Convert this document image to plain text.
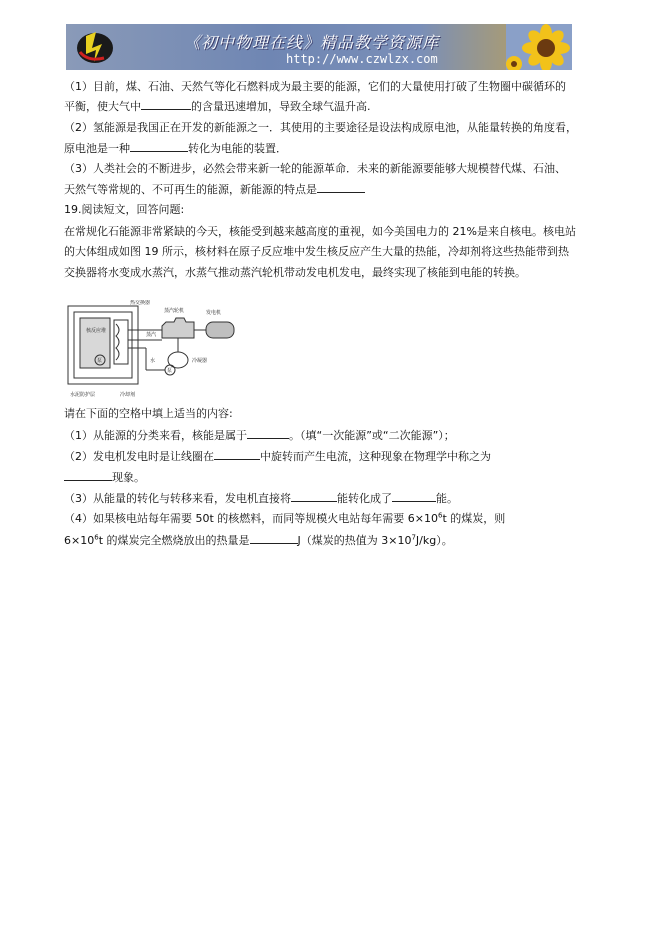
《初中物理在线》精品教学资源库
http://www.czwlzx.com
（1）目前，煤、石油、天然气等化石燃料成为最主要的能源，它们的大量使用打破了生物圈中碳循环的
平衡，使大气中	的含量迅速增加，导致全球气温升高.
（2）氢能源是我国正在开发的新能源之一．其使用的主要途径是设法构成原电池，从能量转换的角度看，
原电池是一种	转化为电能的装置．
（3）人类社会的不断进步，必然会带来新一轮的能源革命．未来的新能源要能够大规模替代煤、石油、
天然气等常规的、不可再生的能源，新能源的特点是
19.阅读短文，回答问题:
在常规化石能源非常紧缺的今天，核能受到越来越高度的重视，如今美国电力的 21%是来自核电。核电站
的大体组成如图 19 所示，核材料在原子反应堆中发生核反应产生大量的热能，冷却剂将这些热能带到热
交换器将水变成水蒸汽，水蒸气推动蒸汽轮机带动发电机发电，最终实现了核能到电能的转换。
热交换器
蒸汽轮机	发电机
蒸汽
核反应堆
水	冷凝器
泵
泵
水泥防护层	冷却剂
请在下面的空格中填上适当的内容:
（1）从能源的分类来看，核能是属于	。（填“一次能源”或“二次能源”）；
（2）发电机发电时是让线圈在	中旋转而产生电流，这种现象在物理学中称之为
现象。
（3）从能量的转化与转移来看，发电机直接将	能转化成了	能。
（4）如果核电站每年需要 50t 的核燃料，而同等规模火电站每年需要 $6\times 10^6t$ 的煤炭，则
$6\times 10^6t$ 的煤炭完全燃烧放出的热量是	J（煤炭的热值为 $3\times 10^7J/kg$）。
